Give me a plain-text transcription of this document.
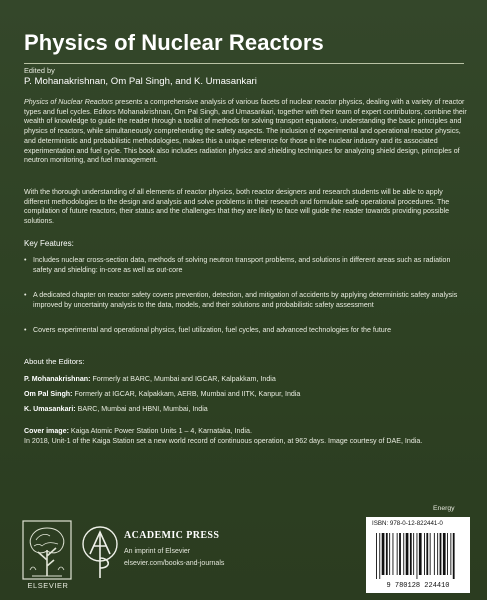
Physics of Nuclear Reactors
Edited by
P. Mohanakrishnan, Om Pal Singh, and K. Umasankari

Physics of Nuclear Reactors presents a comprehensive analysis of various facets of nuclear reactor physics, dealing with a variety of reactor types and fuel cycles. Editors Mohanakrishnan, Om Pal Singh, and Umasankari, together with their team of expert contributors, combine their wealth of knowledge to guide the reader through a toolkit of methods for solving transport equations, understanding the basic principles and physics of reactors, while simultaneously comprehending the safety aspects. The inclusion of experimental and operational reactor physics, and deterministic and probabilistic methodologies, makes this a unique reference for those in the nuclear industry and its associated experimentation and fuel cycle. This book also includes radiation physics and shielding techniques for analyzing shield design, principles of neutron monitoring, and fuel management.

With the thorough understanding of all elements of reactor physics, both reactor designers and research students will be able to apply different methodologies to the design and analysis and solve problems in their research and formulate safe operational procedures. The compilation of future reactors, their status and the challenges that they are likely to face will guide the reader towards providing possible solutions.

Key Features:
• Includes nuclear cross-section data, methods of solving neutron transport problems, and solutions in different areas such as radiation safety and shielding: in-core as well as out-core
• A dedicated chapter on reactor safety covers prevention, detection, and mitigation of accidents by applying deterministic safety analysis improved by uncertainty analysis to the data, models, and their solutions and probabilistic safety assessment
• Covers experimental and operational physics, fuel utilization, fuel cycles, and advanced technologies for the future
About the Editors:
P. Mohanakrishnan: Formerly at BARC, Mumbai and IGCAR, Kalpakkam, India
Om Pal Singh: Formerly at IGCAR, Kalpakkam, AERB, Mumbai and IITK, Kanpur, India
K. Umasankari: BARC, Mumbai and HBNI, Mumbai, India
Cover image: Kaiga Atomic Power Station Units 1 – 4, Karnataka, India.
In 2018, Unit-1 of the Kaiga Station set a new world record of continuous operation, at 962 days. Image courtesy of DAE, India.
Energy
ELSEVIER
ACADEMIC PRESS
An imprint of Elsevier
elsevier.com/books-and-journals
ISBN: 978-0-12-822441-0
9 780128 224410
